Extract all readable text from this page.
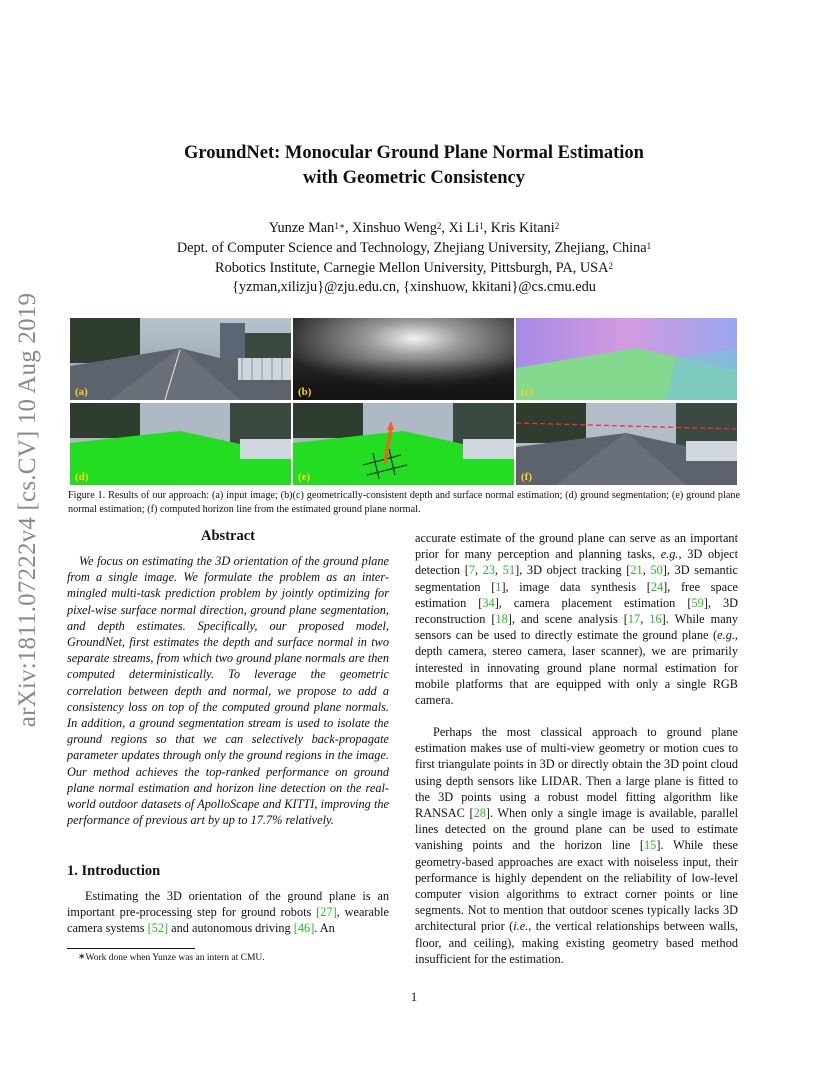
arXiv:1811.07222v4 [cs.CV] 10 Aug 2019
GroundNet: Monocular Ground Plane Normal Estimation
with Geometric Consistency
Yunze Man$^{1∗}$, Xinshuo Weng$^2$, Xi Li$^1$, Kris Kitani$^2$
Dept. of Computer Science and Technology, Zhejiang University, Zhejiang, China$^1$
Robotics Institute, Carnegie Mellon University, Pittsburgh, PA, USA$^2$
{yzman,xilizju}@zju.edu.cn, {xinshuow, kkitani}@cs.cmu.edu
(a)	(b)	(c)
(d)	(e)	(f)
Figure 1. Results of our approach: (a) input image; (b)(c) geometrically-consistent depth and surface normal estimation; (d) ground segmentation; (e) ground plane normal estimation; (f) computed horizon line from the estimated ground plane normal.
Abstract
We focus on estimating the 3D orientation of the ground plane from a single image. We formulate the problem as an inter-mingled multi-task prediction problem by jointly optimizing for pixel-wise surface normal direction, ground plane segmentation, and depth estimates. Specifically, our proposed model, GroundNet, first estimates the depth and surface normal in two separate streams, from which two ground plane normals are then computed deterministically. To leverage the geometric correlation between depth and normal, we propose to add a consistency loss on top of the computed ground plane normals. In addition, a ground segmentation stream is used to isolate the ground regions so that we can selectively back-propagate parameter updates through only the ground regions in the image. Our method achieves the top-ranked performance on ground plane normal estimation and horizon line detection on the real-world outdoor datasets of ApolloScape and KITTI, improving the performance of previous art by up to 17.7% relatively.
1. Introduction
Estimating the 3D orientation of the ground plane is an important pre-processing step for ground robots [27], wearable camera systems [52] and autonomous driving [46]. An
∗Work done when Yunze was an intern at CMU.
accurate estimate of the ground plane can serve as an important prior for many perception and planning tasks, e.g., 3D object detection [7, 23, 51], 3D object tracking [21, 50], 3D semantic segmentation [1], image data synthesis [24], free space estimation [34], camera placement estimation [59], 3D reconstruction [18], and scene analysis [17, 16]. While many sensors can be used to directly estimate the ground plane (e.g., depth camera, stereo camera, laser scanner), we are primarily interested in innovating ground plane normal estimation for mobile platforms that are equipped with only a single RGB camera.
Perhaps the most classical approach to ground plane estimation makes use of multi-view geometry or motion cues to first triangulate points in 3D or directly obtain the 3D point cloud using depth sensors like LIDAR. Then a large plane is fitted to the 3D points using a robust model fitting algorithm like RANSAC [28]. When only a single image is available, parallel lines detected on the ground plane can be used to estimate vanishing points and the horizon line [15]. While these geometry-based approaches are exact with noiseless input, their performance is highly dependent on the reliability of low-level computer vision algorithms to extract corner points or line segments. Not to mention that outdoor scenes typically lacks 3D architectural prior (i.e., the vertical relationships between walls, floor, and ceiling), making existing geometry based method insufficient for the estimation.
1
